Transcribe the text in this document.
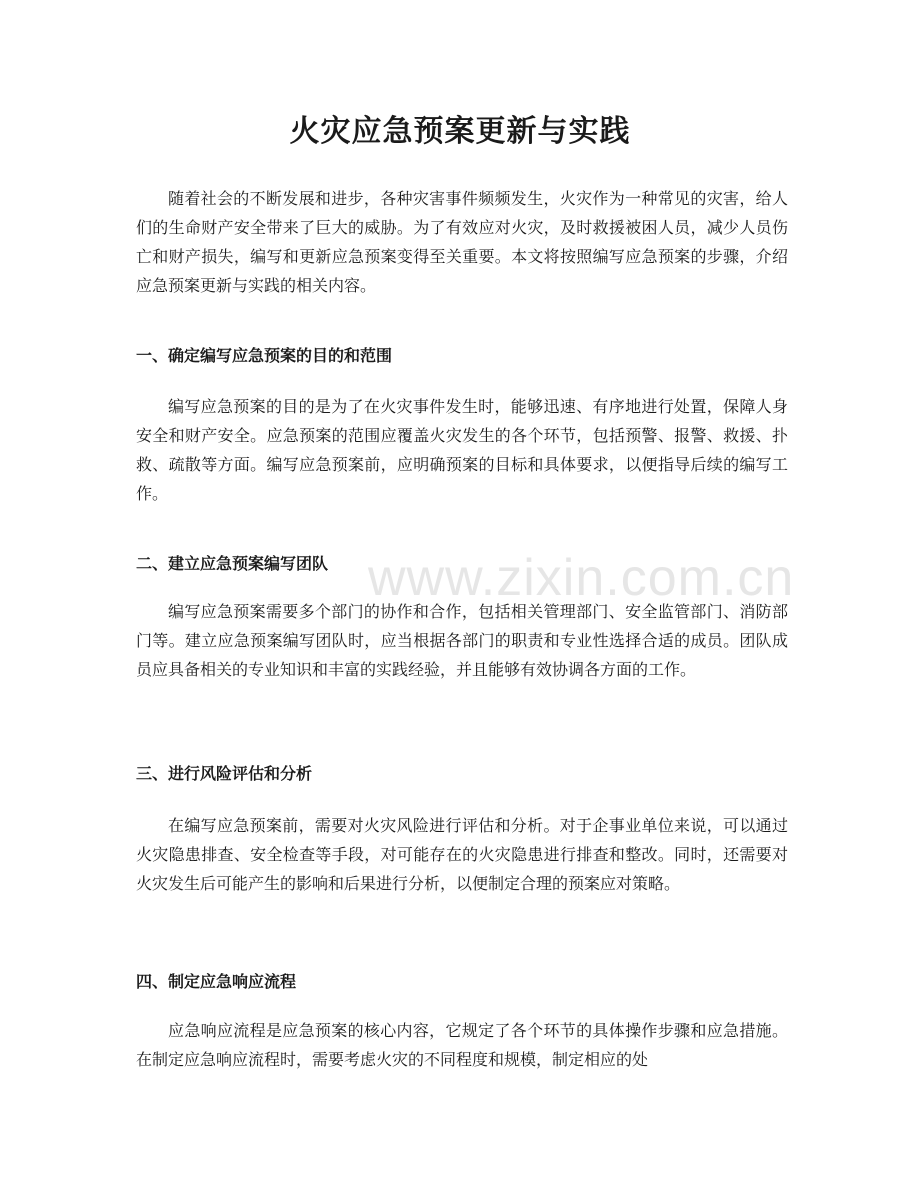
www.zixin.com.cn
火灾应急预案更新与实践

随着社会的不断发展和进步，各种灾害事件频频发生，火灾作为一种常见的灾害，给人们的生命财产安全带来了巨大的威胁。为了有效应对火灾，及时救援被困人员，减少人员伤亡和财产损失，编写和更新应急预案变得至关重要。本文将按照编写应急预案的步骤，介绍应急预案更新与实践的相关内容。

一、确定编写应急预案的目的和范围

编写应急预案的目的是为了在火灾事件发生时，能够迅速、有序地进行处置，保障人身安全和财产安全。应急预案的范围应覆盖火灾发生的各个环节，包括预警、报警、救援、扑救、疏散等方面。编写应急预案前，应明确预案的目标和具体要求，以便指导后续的编写工作。

二、建立应急预案编写团队

编写应急预案需要多个部门的协作和合作，包括相关管理部门、安全监管部门、消防部门等。建立应急预案编写团队时，应当根据各部门的职责和专业性选择合适的成员。团队成员应具备相关的专业知识和丰富的实践经验，并且能够有效协调各方面的工作。

三、进行风险评估和分析

在编写应急预案前，需要对火灾风险进行评估和分析。对于企事业单位来说，可以通过火灾隐患排查、安全检查等手段，对可能存在的火灾隐患进行排查和整改。同时，还需要对火灾发生后可能产生的影响和后果进行分析，以便制定合理的预案应对策略。

四、制定应急响应流程

应急响应流程是应急预案的核心内容，它规定了各个环节的具体操作步骤和应急措施。在制定应急响应流程时，需要考虑火灾的不同程度和规模，制定相应的处
